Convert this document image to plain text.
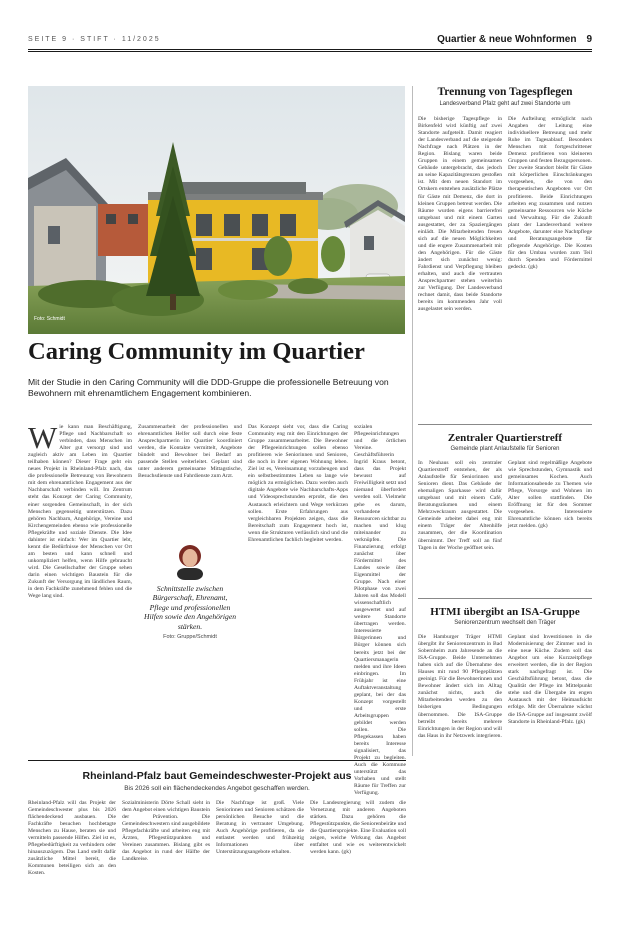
SEITE 9 · STIFT · 11/2025	Quartier & neue Wohnformen 9
Foto: Schmidt
Caring Community im Quartier
Mit der Studie in den Caring Community will die DDD-Gruppe die professionelle Betreuung von Bewohnern mit ehrenamtlichem Engagement kombinieren.
Wie kann man Beschäftigung, Pflege und Nachbarschaft so verbinden, dass Menschen im Alter gut versorgt sind und zugleich aktiv am Leben im Quartier teilhaben können? Dieser Frage geht ein neues Projekt in Rheinland-Pfalz nach, das die professionelle Betreuung von Bewohnern mit dem ehrenamtlichen Engagement aus der Nachbarschaft verbinden will. Im Zentrum steht das Konzept der Caring Community, einer sorgenden Gemeinschaft, in der sich Menschen gegenseitig unterstützen. Dazu gehören Nachbarn, Angehörige, Vereine und Kirchengemeinden ebenso wie professionelle Pflegekräfte und soziale Dienste. Die Idee dahinter ist einfach: Wer im Quartier lebt, kennt die Bedürfnisse der Menschen vor Ort am besten und kann schnell und unkompliziert helfen, wenn Hilfe gebraucht wird. Die Gesellschafter der Gruppe sehen darin einen wichtigen Baustein für die Zukunft der Versorgung im ländlichen Raum, in dem Fachkräfte zunehmend fehlen und die Wege lang sind.
Zusammenarbeit der professionellen und ehrenamtlichen Helfer soll durch eine feste Ansprechpartnerin im Quartier koordiniert werden, die Kontakte vermittelt, Angebote bündelt und Bewohner bei Bedarf an passende Stellen weiterleitet. Geplant sind unter anderem gemeinsame Mittagstische, Besuchsdienste und Fahrdienste zum Arzt.
Schnittstelle zwischen Bürgerschaft, Ehrenamt, Pflege und professionellen Hilfen sowie den Angehörigen stärken.
Foto: Gruppe/Schmidt
Das Konzept sieht vor, dass die Caring Community eng mit den Einrichtungen der Gruppe zusammenarbeitet. Die Bewohner der Pflegeeinrichtungen sollen ebenso profitieren wie Seniorinnen und Senioren, die noch in ihrer eigenen Wohnung leben. Ziel ist es, Vereinsamung vorzubeugen und ein selbstbestimmtes Leben so lange wie möglich zu ermöglichen. Dazu werden auch digitale Angebote wie Nachbarschafts-Apps und Videosprechstunden erprobt, die den Austausch erleichtern und Wege verkürzen sollen. Erste Erfahrungen aus vergleichbaren Projekten zeigen, dass die Bereitschaft zum Engagement hoch ist, wenn die Strukturen verlässlich sind und die Ehrenamtlichen fachlich begleitet werden.
sozialen Pflegeeinrichtungen und die örtlichen Vereine. Geschäftsführerin Ingrid Kraus betont, dass das Projekt bewusst auf Freiwilligkeit setzt und niemand überfordert werden soll. Vielmehr gehe es darum, vorhandene Ressourcen sichtbar zu machen und klug miteinander zu verknüpfen. Die Finanzierung erfolgt zunächst über Fördermittel des Landes sowie über Eigenmittel der Gruppe. Nach einer Pilotphase von zwei Jahren soll das Modell wissenschaftlich ausgewertet und auf weitere Standorte übertragen werden. Interessierte Bürgerinnen und Bürger können sich bereits jetzt bei der Quartiersmanagerin melden und ihre Ideen einbringen. Im Frühjahr ist eine Auftaktveranstaltung geplant, bei der das Konzept vorgestellt und erste Arbeitsgruppen gebildet werden sollen. Die Pflegekassen haben bereits Interesse signalisiert, das Projekt zu begleiten. Auch die Kommune unterstützt das Vorhaben und stellt Räume für Treffen zur Verfügung.
Trennung von Tagespflegen
Landesverband Pfalz geht auf zwei Standorte um
Die bisherige Tagespflege in Birkenfeld wird künftig auf zwei Standorte aufgeteilt. Damit reagiert der Landesverband auf die steigende Nachfrage nach Plätzen in der Region. Bislang waren beide Gruppen in einem gemeinsamen Gebäude untergebracht, das jedoch an seine Kapazitätsgrenzen gestoßen ist. Mit dem neuen Standort im Ortskern entstehen zusätzliche Plätze für Gäste mit Demenz, die dort in kleinen Gruppen betreut werden. Die Räume wurden eigens barrierefrei umgebaut und mit einem Garten ausgestattet, der zu Spaziergängen einlädt. Die Mitarbeitenden freuen sich auf die neuen Möglichkeiten und die engere Zusammenarbeit mit den Angehörigen. Für die Gäste ändert sich zunächst wenig: Fahrdienst und Verpflegung bleiben erhalten, und auch die vertrauten Ansprechpartner stehen weiterhin zur Verfügung. Der Landesverband rechnet damit, dass beide Standorte bereits im kommenden Jahr voll ausgelastet sein werden.
Die Aufteilung ermöglicht nach Angaben der Leitung eine individuellere Betreuung und mehr Ruhe im Tagesablauf. Besonders Menschen mit fortgeschrittener Demenz profitieren von kleineren Gruppen und festen Bezugspersonen. Der zweite Standort bleibt für Gäste mit körperlichen Einschränkungen vorgesehen, die von den therapeutischen Angeboten vor Ort profitieren. Beide Einrichtungen arbeiten eng zusammen und nutzen gemeinsame Ressourcen wie Küche und Verwaltung. Für die Zukunft plant der Landesverband weitere Angebote, darunter eine Nachtpflege und Beratungsangebote für pflegende Angehörige. Die Kosten für den Umbau wurden zum Teil durch Spenden und Fördermittel gedeckt. (gk)
Zentraler Quartierstreff
Gemeinde plant Anlaufstelle für Senioren
In Neuhaus soll ein zentraler Quartierstreff entstehen, der als Anlaufstelle für Seniorinnen und Senioren dient. Das Gebäude der ehemaligen Sparkasse wird dafür umgebaut und mit einem Café, Beratungsräumen und einem Mehrzweckraum ausgestattet. Die Gemeinde arbeitet dabei eng mit einem Träger der Altenhilfe zusammen, der die Koordination übernimmt. Der Treff soll an fünf Tagen in der Woche geöffnet sein.
Geplant sind regelmäßige Angebote wie Sprechstunden, Gymnastik und gemeinsames Kochen. Auch Informationsabende zu Themen wie Pflege, Vorsorge und Wohnen im Alter sollen stattfinden. Die Eröffnung ist für den Sommer vorgesehen. Interessierte Ehrenamtliche können sich bereits jetzt melden. (gk)
HTMI übergibt an ISA-Gruppe
Seniorenzentrum wechselt den Träger
Die Hamburger Träger HTMI übergibt ihr Seniorenzentrum in Bad Sobernheim zum Jahresende an die ISA-Gruppe. Beide Unternehmen haben sich auf die Übernahme des Hauses mit rund 90 Pflegeplätzen geeinigt. Für die Bewohnerinnen und Bewohner ändert sich im Alltag zunächst nichts, auch die Mitarbeitenden werden zu den bisherigen Bedingungen übernommen. Die ISA-Gruppe betreibt bereits mehrere Einrichtungen in der Region und will das Haus in ihr Netzwerk integrieren.
Geplant sind Investitionen in die Modernisierung der Zimmer und in eine neue Küche. Zudem soll das Angebot um eine Kurzzeitpflege erweitert werden, die in der Region stark nachgefragt ist. Die Geschäftsführung betont, dass die Qualität der Pflege im Mittelpunkt stehe und die Übergabe im engen Austausch mit der Heimaufsicht erfolge. Mit der Übernahme wächst die ISA-Gruppe auf insgesamt zwölf Standorte in Rheinland-Pfalz. (gk)
Rheinland-Pfalz baut Gemeindeschwester-Projekt aus
Bis 2026 soll ein flächendeckendes Angebot geschaffen werden.
Rheinland-Pfalz will das Projekt der Gemeindeschwester plus bis 2026 flächendeckend ausbauen. Die Fachkräfte besuchen hochbetagte Menschen zu Hause, beraten sie und vermitteln passende Hilfen. Ziel ist es, Pflegebedürftigkeit zu verhindern oder hinauszuzögern. Das Land stellt dafür zusätzliche Mittel bereit, die Kommunen beteiligen sich an den Kosten.
Sozialministerin Dörte Schall sieht in dem Angebot einen wichtigen Baustein der Prävention. Die Gemeindeschwestern sind ausgebildete Pflegefachkräfte und arbeiten eng mit Ärzten, Pflegestützpunkten und Vereinen zusammen. Bislang gibt es das Angebot in rund der Hälfte der Landkreise.
Die Nachfrage ist groß. Viele Seniorinnen und Senioren schätzen die persönlichen Besuche und die Beratung in vertrauter Umgebung. Auch Angehörige profitieren, da sie entlastet werden und frühzeitig Informationen über Unterstützungsangebote erhalten.
Die Landesregierung will zudem die Vernetzung mit anderen Angeboten stärken. Dazu gehören die Pflegestützpunkte, die Seniorenbeiräte und die Quartiersprojekte. Eine Evaluation soll zeigen, welche Wirkung das Angebot entfaltet und wie es weiterentwickelt werden kann. (gk)
